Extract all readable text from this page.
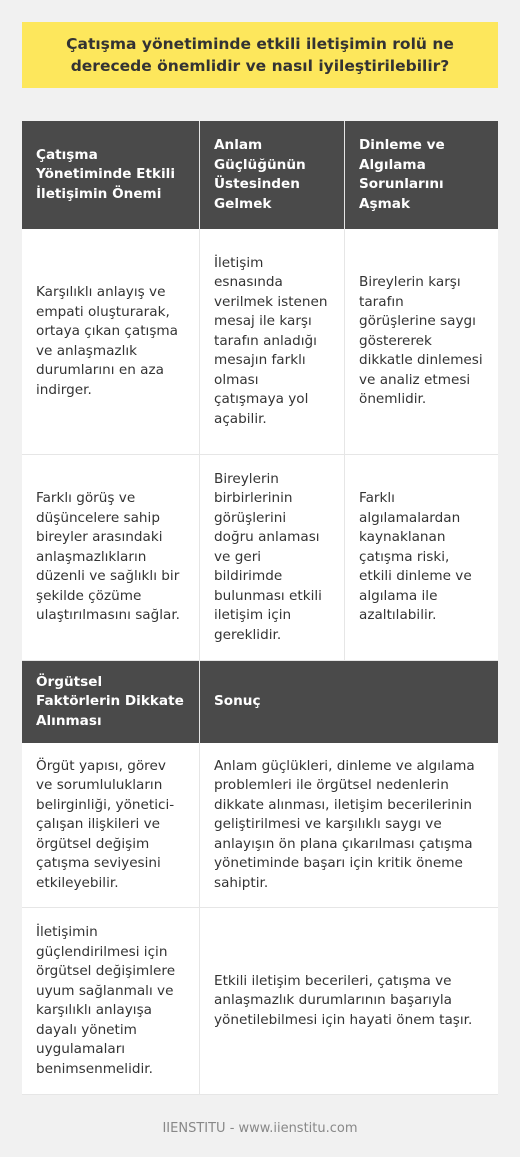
Çatışma yönetiminde etkili iletişimin rolü ne derecede önemlidir ve nasıl iyileştirilebilir?
Çatışma Yönetiminde Etkili İletişimin Önemi
Anlam Güçlüğünün Üstesinden Gelmek
Dinleme ve Algılama Sorunlarını Aşmak
Karşılıklı anlayış ve empati oluşturarak, ortaya çıkan çatışma ve anlaşmazlık durumlarını en aza indirger.
İletişim esnasında verilmek istenen mesaj ile karşı tarafın anladığı mesajın farklı olması çatışmaya yol açabilir.
Bireylerin karşı tarafın görüşlerine saygı göstererek dikkatle dinlemesi ve analiz etmesi önemlidir.
Farklı görüş ve düşüncelere sahip bireyler arasındaki anlaşmazlıkların düzenli ve sağlıklı bir şekilde çözüme ulaştırılmasını sağlar.
Bireylerin birbirlerinin görüşlerini doğru anlaması ve geri bildirimde bulunması etkili iletişim için gereklidir.
Farklı algılamalardan kaynaklanan çatışma riski, etkili dinleme ve algılama ile azaltılabilir.
Örgütsel Faktörlerin Dikkate Alınması
Sonuç
Örgüt yapısı, görev ve sorumlulukların belirginliği, yönetici-çalışan ilişkileri ve örgütsel değişim çatışma seviyesini etkileyebilir.
Anlam güçlükleri, dinleme ve algılama problemleri ile örgütsel nedenlerin dikkate alınması, iletişim becerilerinin geliştirilmesi ve karşılıklı saygı ve anlayışın ön plana çıkarılması çatışma yönetiminde başarı için kritik öneme sahiptir.
İletişimin güçlendirilmesi için örgütsel değişimlere uyum sağlanmalı ve karşılıklı anlayışa dayalı yönetim uygulamaları benimsenmelidir.
Etkili iletişim becerileri, çatışma ve anlaşmazlık durumlarının başarıyla yönetilebilmesi için hayati önem taşır.
IIENSTITU - www.iienstitu.com
